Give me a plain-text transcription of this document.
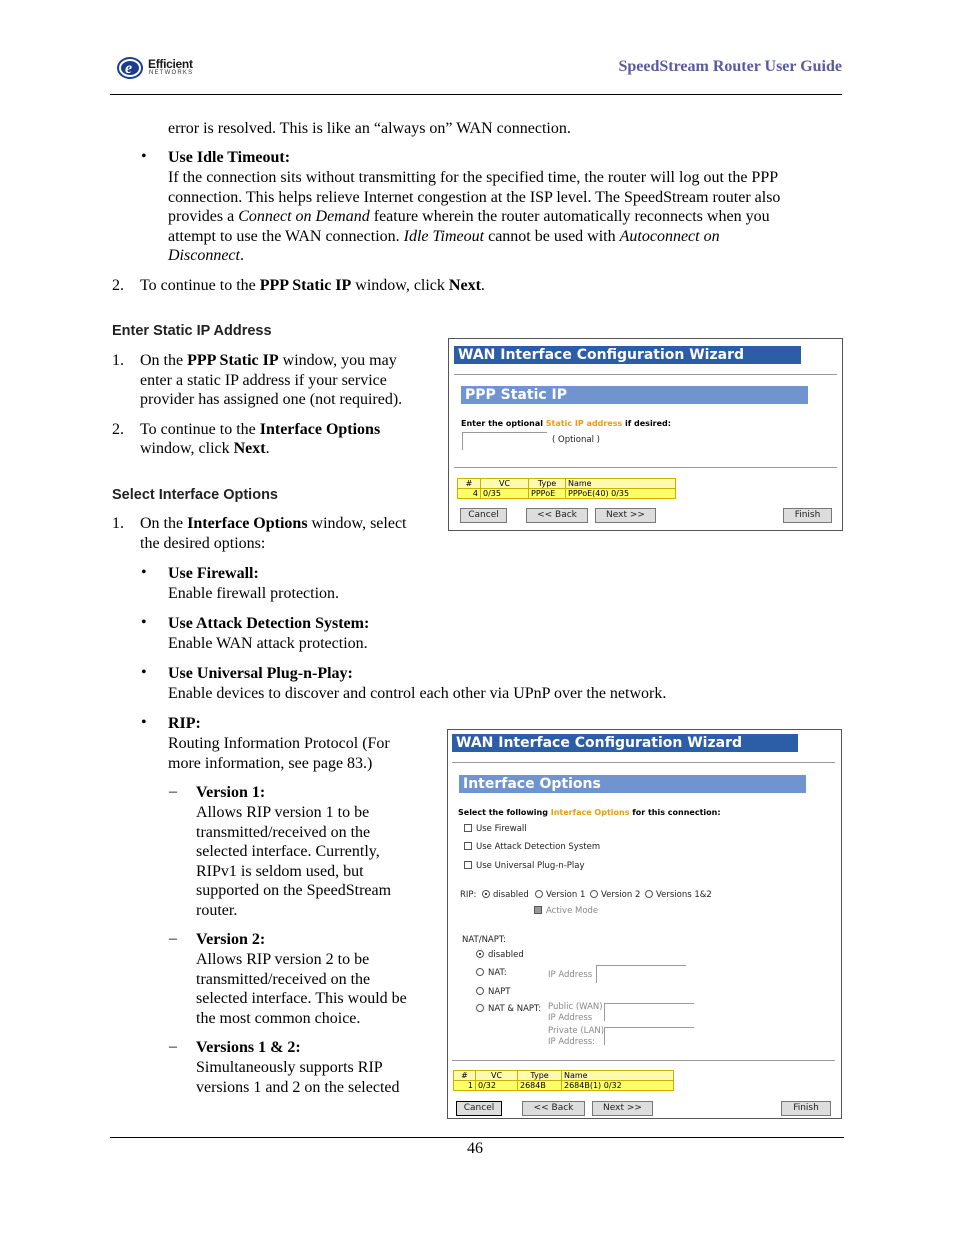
e Efficient
NETWORKS	SpeedStream Router User Guide

error is resolved. This is like an “always on” WAN connection.

Use Idle Timeout:

If the connection sits without transmitting for the specified time, the router will log out the PPP

connection. This helps relieve Internet congestion at the ISP level. The SpeedStream router also

provides a Connect on Demand feature wherein the router automatically reconnects when you

attempt to use the WAN connection. Idle Timeout cannot be used with Autoconnect on

Disconnect.

2. To continue to the PPP Static IP window, click Next.

Enter Static IP Address

1. On the PPP Static IP window, you may

enter a static IP address if your service

provider has assigned one (not required).

2. To continue to the Interface Options

window, click Next.

WAN Interface Configuration Wizard
PPP Static IP
Enter the optional Static IP address if desired:
( Optional )
#	VC	Type	Name
4	0/35	PPPoE	PPPoE(40) 0/35
Cancel	<< Back	Next >>	Finish
Select Interface Options

1. On the Interface Options window, select

the desired options:

Use Firewall:

Enable firewall protection.

Use Attack Detection System:

Enable WAN attack protection.

Use Universal Plug-n-Play:

Enable devices to discover and control each other via UPnP over the network.

RIP:

Routing Information Protocol (For

more information, see page 83.)

– Version 1:

Allows RIP version 1 to be

transmitted/received on the

selected interface. Currently,

RIPv1 is seldom used, but

supported on the SpeedStream

router.

– Version 2:

Allows RIP version 2 to be

transmitted/received on the

selected interface. This would be

the most common choice.

– Versions 1 & 2:

Simultaneously supports RIP

versions 1 and 2 on the selected

WAN Interface Configuration Wizard
Interface Options
Select the following Interface Options for this connection:
Use Firewall
Use Attack Detection System
Use Universal Plug-n-Play
RIP: disabled Version 1 Version 2 Versions 1&2
Active Mode
NAT/NAPT:
disabled
NAT:	IP Address
NAPT
NAT & NAPT: Public (WAN)
IP Address
Private (LAN)
IP Address:
#	VC	Type	Name
1	0/32	2684B	2684B(1) 0/32
Cancel	<< Back	Next >>	Finish
46
